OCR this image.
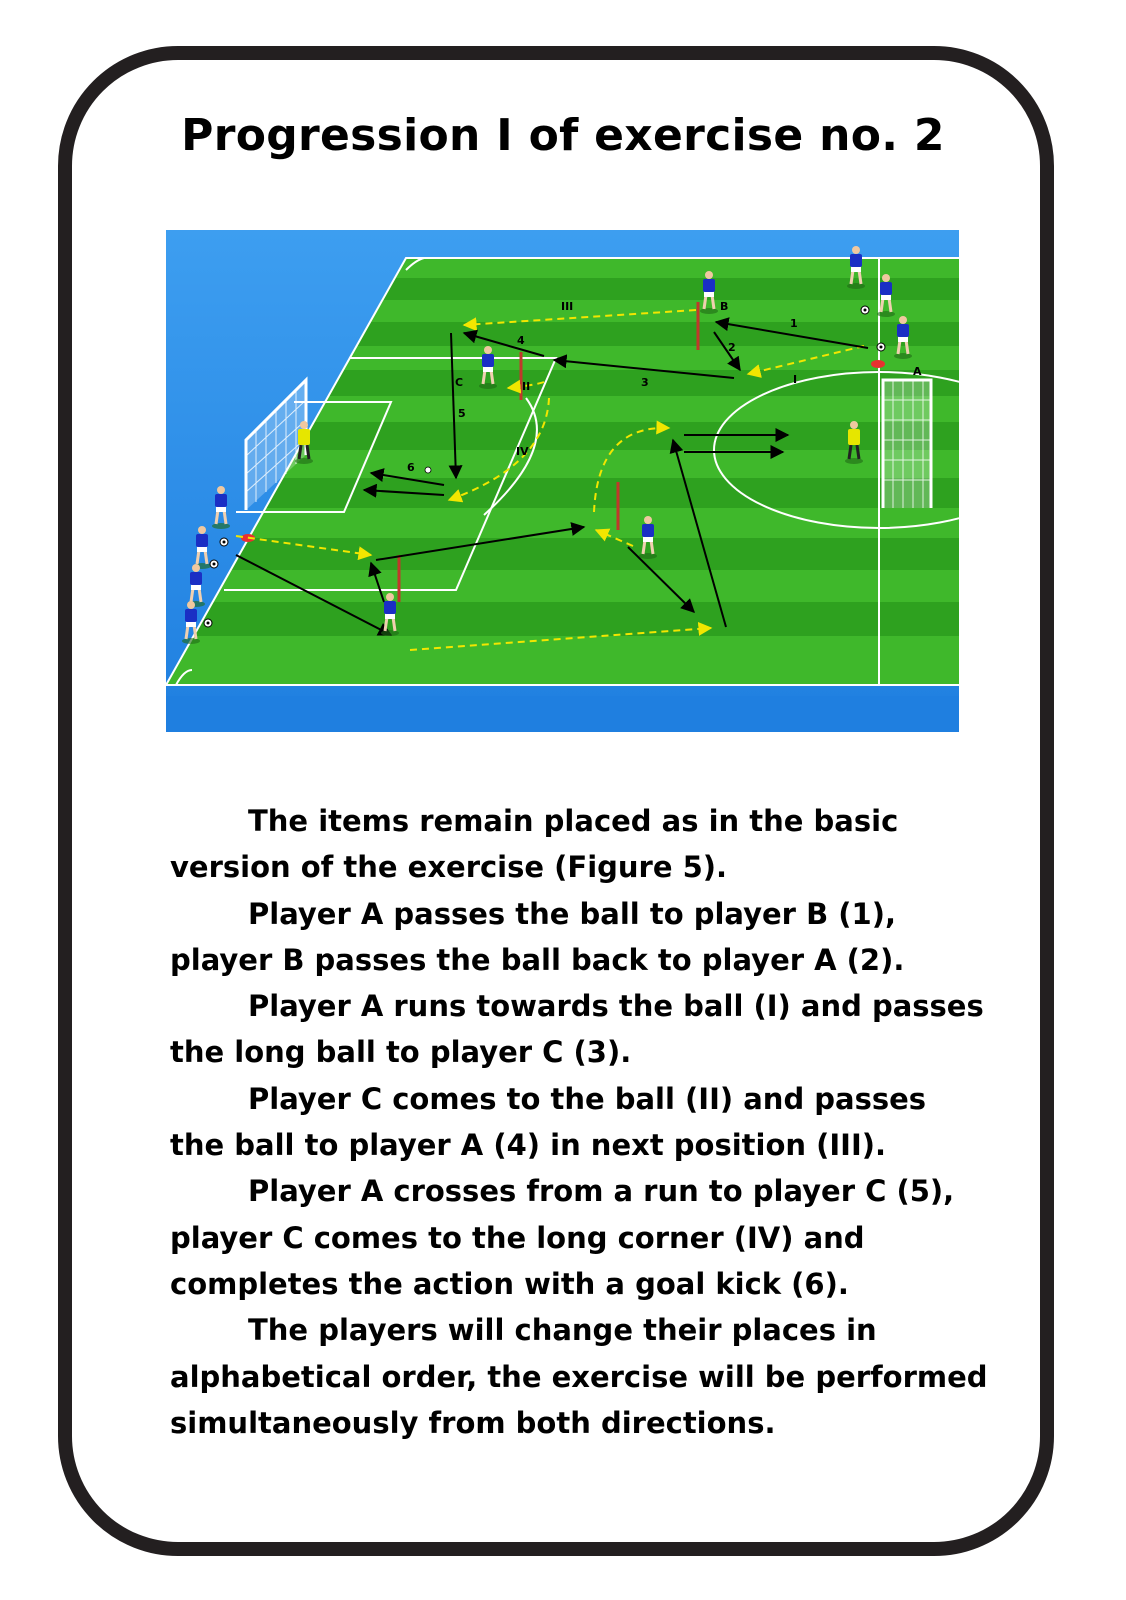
Progression I of exercise no. 2
A
B
C
1
2
3
4
5
6
I
II
III
IV

The items remain placed as in the basic version of the exercise (Figure 5).

Player A passes the ball to player B (1), player B passes the ball back to player A (2).

Player A runs towards the ball (I) and passes the long ball to player C (3).

Player C comes to the ball (II) and passes the ball to player A (4) in next position (III).

Player A crosses from a run to player C (5), player C comes to the long corner (IV) and completes the action with a goal kick (6).

The players will change their places in alphabetical order, the exercise will be performed simultaneously from both directions.
